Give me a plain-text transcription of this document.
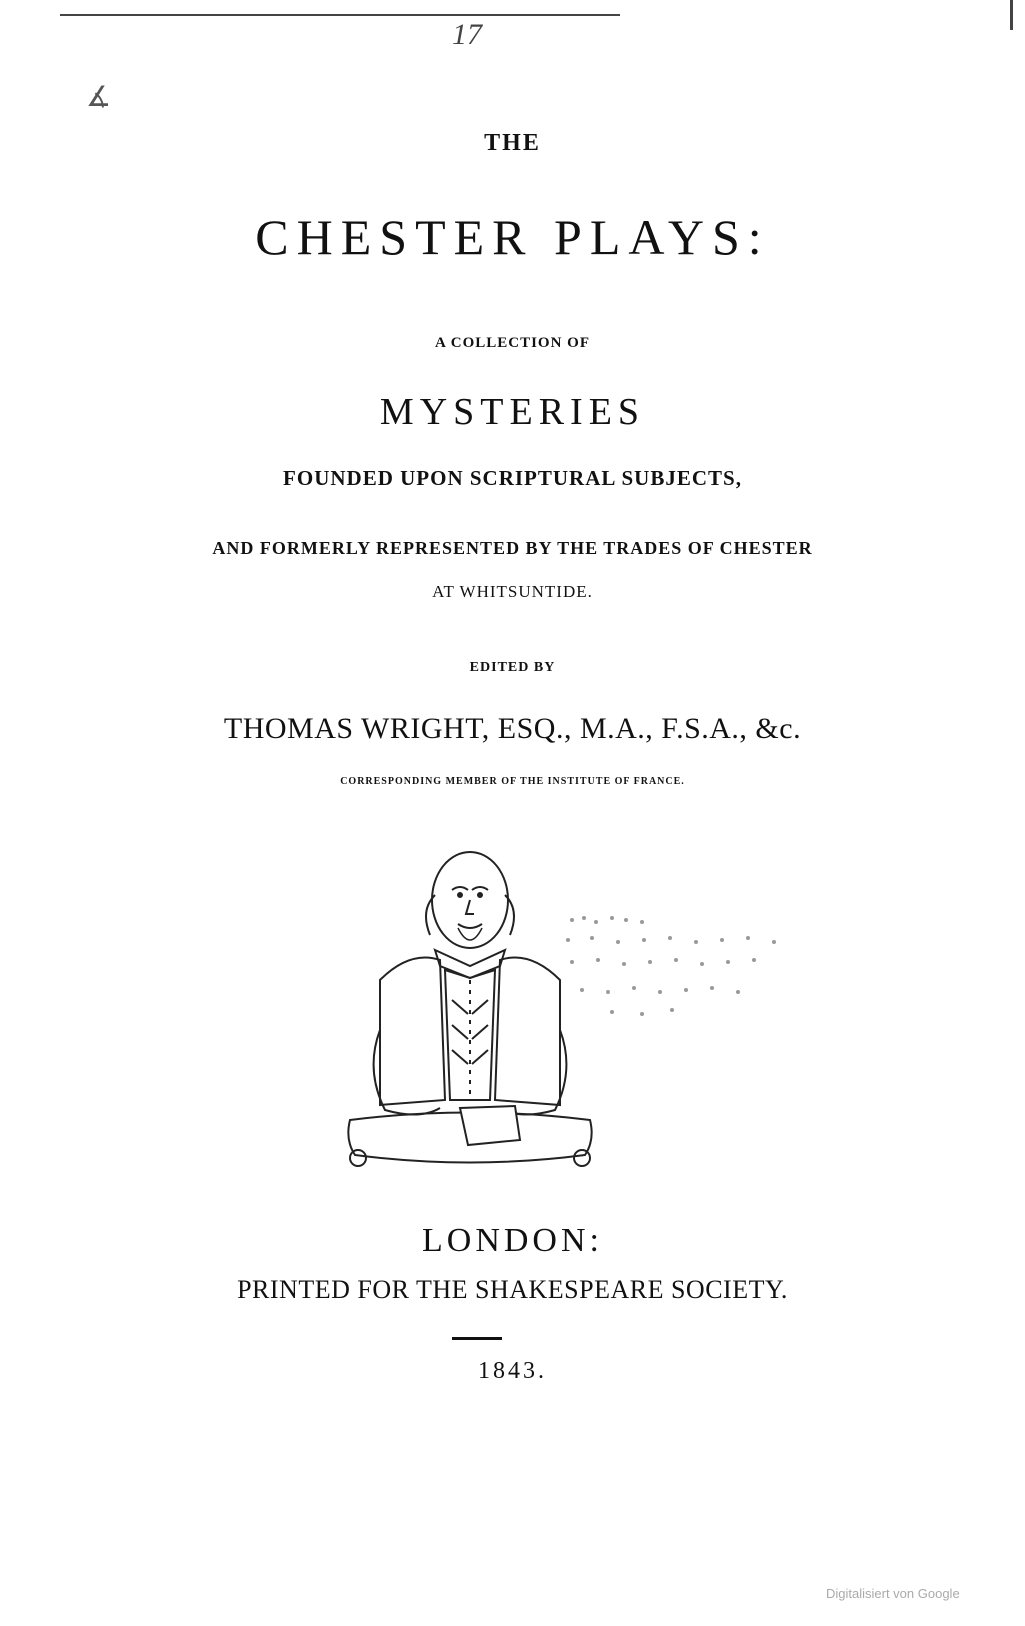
17
∡
THE
CHESTER PLAYS:
A COLLECTION OF
MYSTERIES
FOUNDED UPON SCRIPTURAL SUBJECTS,
AND FORMERLY REPRESENTED BY THE TRADES OF CHESTER
AT WHITSUNTIDE.
EDITED BY
THOMAS WRIGHT, ESQ., M.A., F.S.A., &c.
CORRESPONDING MEMBER OF THE INSTITUTE OF FRANCE.
LONDON:
PRINTED FOR THE SHAKESPEARE SOCIETY.
1843.
Digitalisiert von Google
